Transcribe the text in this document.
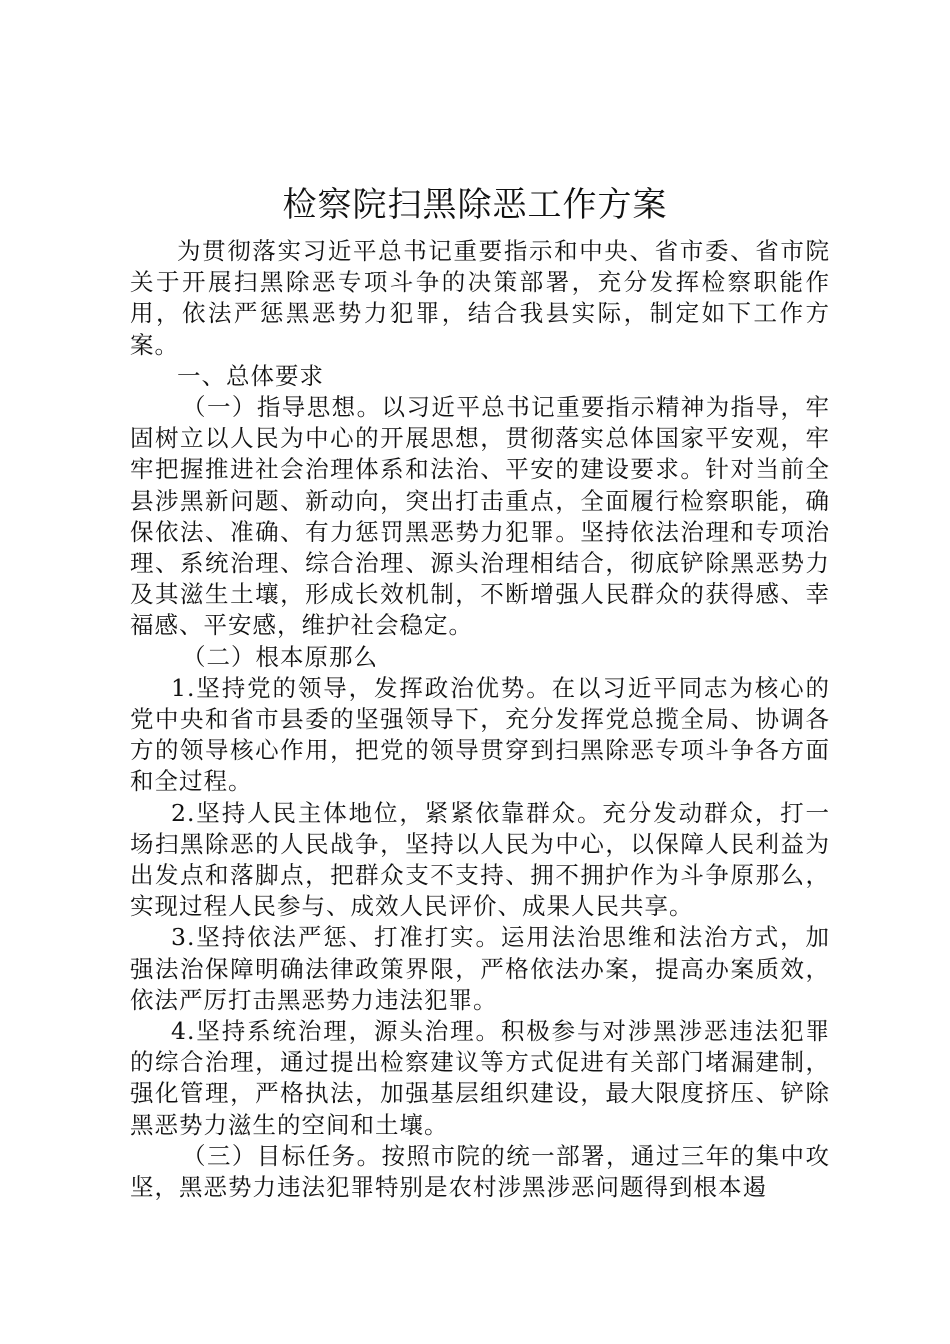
检察院扫黑除恶工作方案

为贯彻落实习近平总书记重要指示和中央、省市委、省市院关于开展扫黑除恶专项斗争的决策部署，充分发挥检察职能作用，依法严惩黑恶势力犯罪，结合我县实际，制定如下工作方案。

一、总体要求

（一）指导思想。以习近平总书记重要指示精神为指导，牢固树立以人民为中心的开展思想，贯彻落实总体国家平安观，牢牢把握推进社会治理体系和法治、平安的建设要求。针对当前全县涉黑新问题、新动向，突出打击重点，全面履行检察职能，确保依法、准确、有力惩罚黑恶势力犯罪。坚持依法治理和专项治理、系统治理、综合治理、源头治理相结合，彻底铲除黑恶势力及其滋生土壤，形成长效机制，不断增强人民群众的获得感、幸福感、平安感，维护社会稳定。

（二）根本原那么

1.坚持党的领导，发挥政治优势。在以习近平同志为核心的党中央和省市县委的坚强领导下，充分发挥党总揽全局、协调各方的领导核心作用，把党的领导贯穿到扫黑除恶专项斗争各方面和全过程。

2.坚持人民主体地位，紧紧依靠群众。充分发动群众，打一场扫黑除恶的人民战争，坚持以人民为中心，以保障人民利益为出发点和落脚点，把群众支不支持、拥不拥护作为斗争原那么，实现过程人民参与、成效人民评价、成果人民共享。

3.坚持依法严惩、打准打实。运用法治思维和法治方式，加强法治保障明确法律政策界限，严格依法办案，提高办案质效，依法严厉打击黑恶势力违法犯罪。

4.坚持系统治理，源头治理。积极参与对涉黑涉恶违法犯罪的综合治理，通过提出检察建议等方式促进有关部门堵漏建制，强化管理，严格执法，加强基层组织建设，最大限度挤压、铲除黑恶势力滋生的空间和土壤。

（三）目标任务。按照市院的统一部署，通过三年的集中攻坚，黑恶势力违法犯罪特别是农村涉黑涉恶问题得到根本遏
